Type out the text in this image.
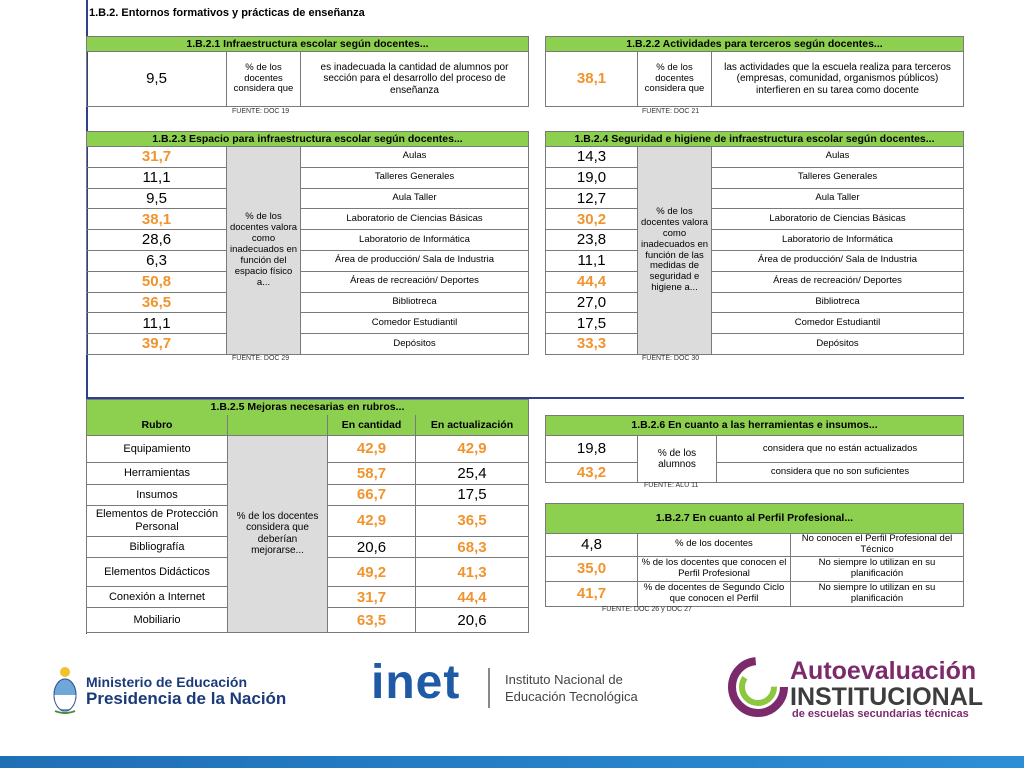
1.B.2. Entornos formativos y prácticas de enseñanza
1.B.2.1 Infraestructura escolar según docentes...
9,5	% de los docentes considera que	es inadecuada la cantidad de alumnos por sección para el desarrollo del proceso de enseñanza
FUENTE: DOC 19
1.B.2.2 Actividades para terceros según docentes...
38,1	% de los docentes considera que	las actividades que la escuela realiza para terceros (empresas, comunidad, organismos públicos) interfieren en su tarea como docente
FUENTE: DOC 21
1.B.2.3 Espacio para infraestructura escolar según docentes...		
31,7	% de los docentes valora como inadecuados en función del espacio físico a...	Aulas
11,1		Talleres Generales
9,5		Aula Taller
38,1		Laboratorio de Ciencias Básicas
28,6		Laboratorio de Informática
6,3		Área de producción/ Sala de Industria
50,8		Áreas de recreación/ Deportes
36,5		Bibliotreca
11,1		Comedor Estudiantil
39,7		Depósitos
FUENTE: DOC 29
1.B.2.4 Seguridad e higiene de infraestructura escolar según docentes...		
14,3	% de los docentes valora como inadecuados en función de las medidas de seguridad e higiene a...	Aulas
19,0		Talleres Generales
12,7		Aula Taller
30,2		Laboratorio de Ciencias Básicas
23,8		Laboratorio de Informática
11,1		Área de producción/ Sala de Industria
44,4		Áreas de recreación/ Deportes
27,0		Bibliotreca
17,5		Comedor Estudiantil
33,3		Depósitos
FUENTE: DOC 30
1.B.2.5 Mejoras necesarias en rubros...			
Rubro		En cantidad	En actualización
Equipamiento	% de los docentes considera que deberían mejorarse...	42,9	42,9
Herramientas		58,7	25,4
Insumos		66,7	17,5
Elementos de Protección Personal		42,9	36,5
Bibliografía		20,6	68,3
Elementos Didácticos		49,2	41,3
Conexión a Internet		31,7	44,4
Mobiliario		63,5	20,6
1.B.2.6 En cuanto a las herramientas e insumos...		
19,8	% de los alumnos	considera que no están actualizados
43,2		considera que no son suficientes
FUENTE: ALU 11
1.B.2.7 En cuanto al Perfil Profesional...		
4,8	% de los docentes	No conocen el Perfil Profesional del Técnico
35,0	% de los docentes que conocen el Perfil Profesional	No siempre lo utilizan en su planificación
41,7	% de docentes de Segundo Ciclo que conocen el Perfil	No siempre lo utilizan en su planificación
FUENTE: DOC 26 y DOC 27
Ministerio de Educación
Presidencia de la Nación inet	Instituto Nacional de
Educación Tecnológica
Autoevaluación
INSTITUCIONAL
de escuelas secundarias técnicas
